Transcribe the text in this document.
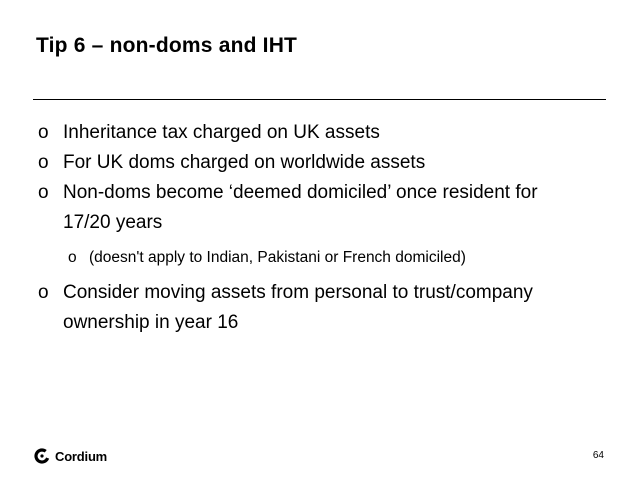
Tip 6 – non-doms and IHT
o Inheritance tax charged on UK assets
o For UK doms charged on worldwide assets
o Non-doms become ‘deemed domiciled’ once resident for 17/20 years
o (doesn't apply to Indian, Pakistani or French domiciled)
o Consider moving assets from personal to trust/company ownership in year 16
Cordium	64
